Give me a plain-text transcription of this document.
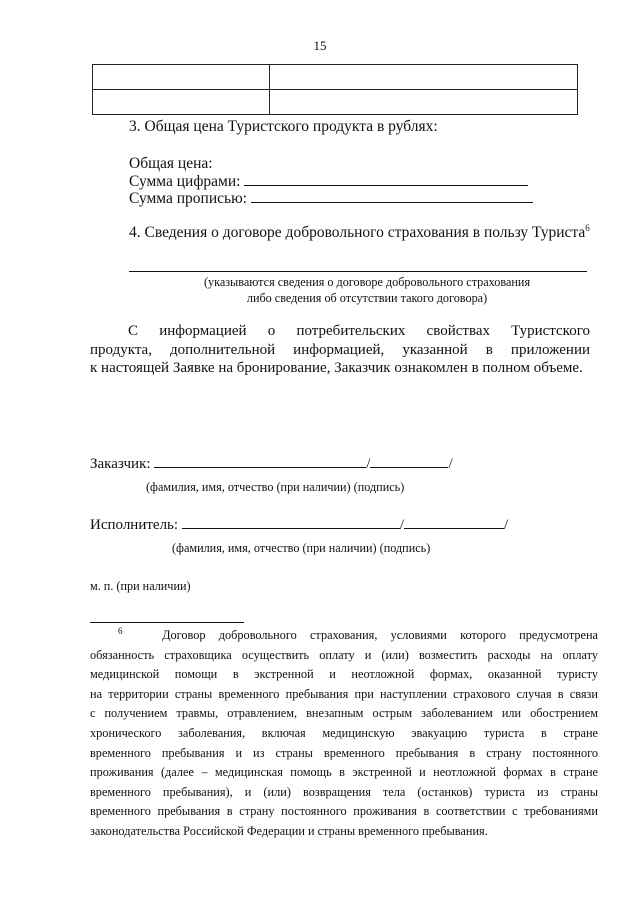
15

3. Общая цена Туристского продукта в рублях:
Общая цена:
Сумма цифрами:
Сумма прописью:
4. Сведения о договоре добровольного страхования в пользу Туриста$^6$
(указываются сведения о договоре добровольного страхования
либо сведения об отсутствии такого договора)
С информацией о потребительских свойствах Туристского
продукта, дополнительной информацией, указанной в приложении
к настоящей Заявке на бронирование, Заказчик ознакомлен в полном объеме.
Заказчик:	/	/
(фамилия, имя, отчество (при наличии) (подпись)
Исполнитель:	/	/
(фамилия, имя, отчество (при наличии) (подпись)
м. п. (при наличии)
$^6$	Договор добровольного страхования, условиями которого предусмотрена
обязанность страховщика осуществить оплату и (или) возместить расходы на оплату
медицинской помощи в экстренной и неотложной формах, оказанной туристу
на территории страны временного пребывания при наступлении страхового случая в связи
с получением травмы, отравлением, внезапным острым заболеванием или обострением
хронического заболевания, включая медицинскую эвакуацию туриста в стране
временного пребывания и из страны временного пребывания в страну постоянного
проживания (далее – медицинская помощь в экстренной и неотложной формах в стране
временного пребывания), и (или) возвращения тела (останков) туриста из страны
временного пребывания в страну постоянного проживания в соответствии с требованиями
законодательства Российской Федерации и страны временного пребывания.
